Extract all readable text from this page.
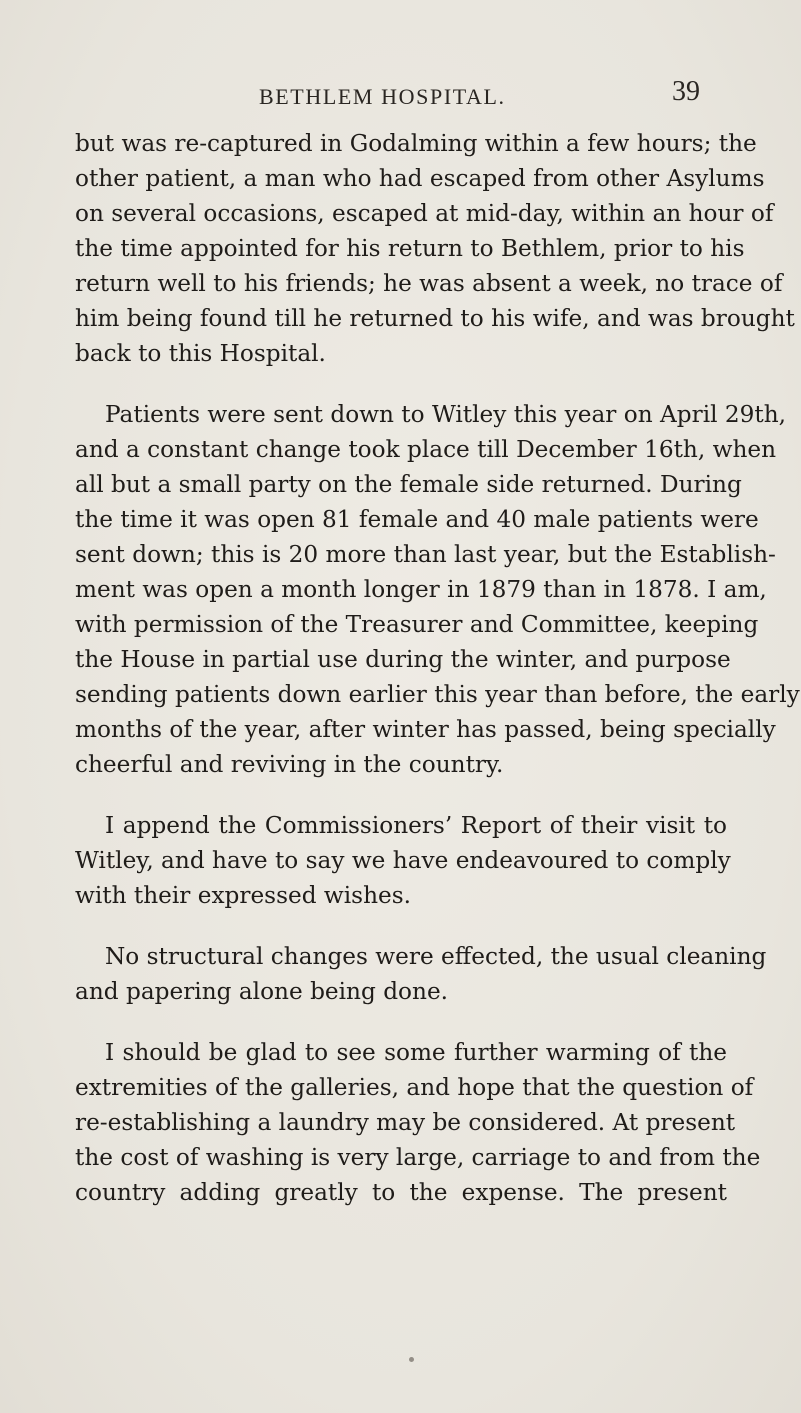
BETHLEM HOSPITAL.	39
but was re-captured in Godalming within a few hours; the
other patient, a man who had escaped from other Asylums
on several occasions, escaped at mid-day, within an hour of
the time appointed for his return to Bethlem, prior to his
return well to his friends; he was absent a week, no trace of
him being found till he returned to his wife, and was brought
back to this Hospital.
Patients were sent down to Witley this year on April 29th,
and a constant change took place till December 16th, when
all but a small party on the female side returned. During
the time it was open 81 female and 40 male patients were
sent down; this is 20 more than last year, but the Establish-
ment was open a month longer in 1879 than in 1878. I am,
with permission of the Treasurer and Committee, keeping
the House in partial use during the winter, and purpose
sending patients down earlier this year than before, the early
months of the year, after winter has passed, being specially
cheerful and reviving in the country.
I append the Commissioners’ Report of their visit to
Witley, and have to say we have endeavoured to comply
with their expressed wishes.
No structural changes were effected, the usual cleaning
and papering alone being done.
I should be glad to see some further warming of the
extremities of the galleries, and hope that the question of
re-establishing a laundry may be considered. At present
the cost of washing is very large, carriage to and from the
country adding greatly to the expense. The present
